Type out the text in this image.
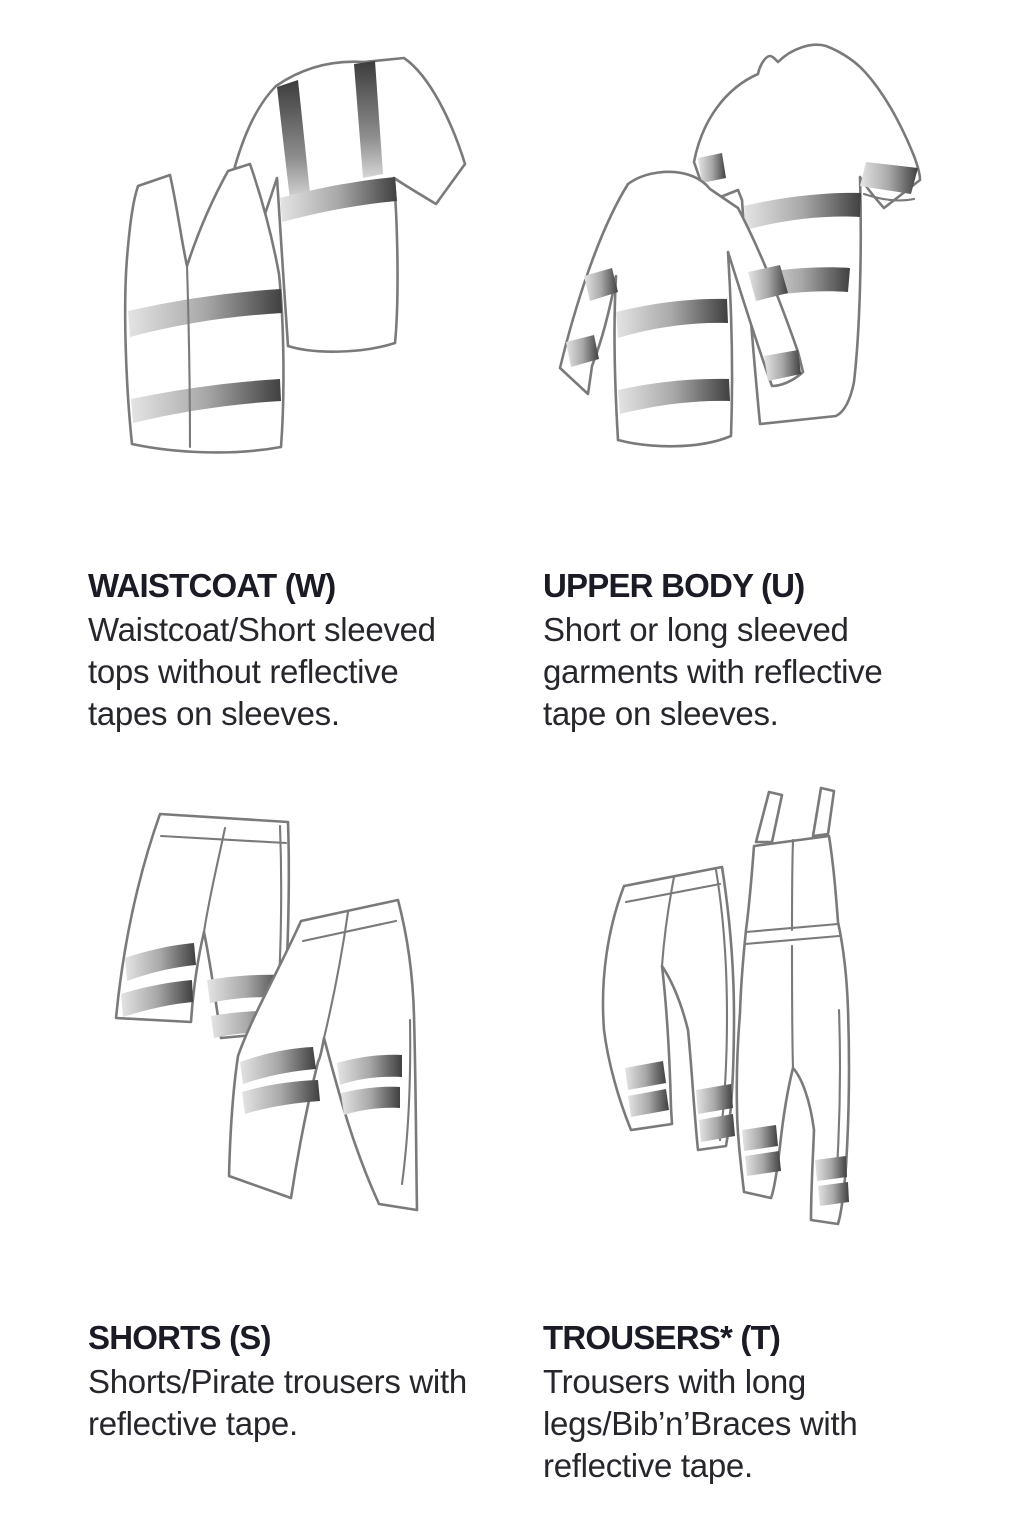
WAISTCOAT (W)

Waistcoat/Short sleeved tops without reflective tapes on sleeves.

UPPER BODY (U)

Short or long sleeved garments with reflective tape on sleeves.

SHORTS (S)

Shorts/Pirate trousers with reflective tape.

TROUSERS* (T)

Trousers with long legs/Bib’n’Braces with reflective tape.
